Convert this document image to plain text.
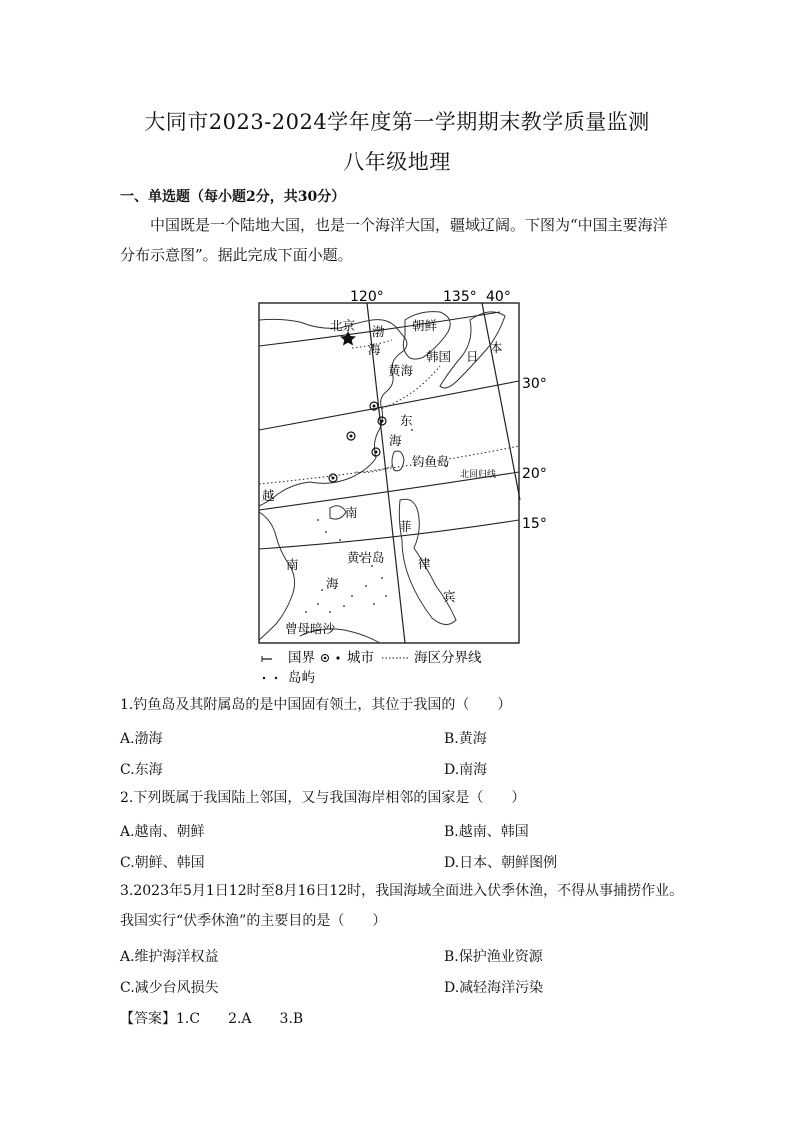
大同市2023-2024学年度第一学期期末教学质量监测
八年级地理
一、单选题（每小题2分，共30分）
中国既是一个陆地大国，也是一个海洋大国，疆域辽阔。下图为“中国主要海洋分布示意图”。据此完成下面小题。
120°	135° 40°
30°
20°
15°
北京 渤
海
朝鲜
韩国 日
本
黄海
东
海
钓鱼岛
北回归线
越
南
菲
黄岩岛	律
南
海
宾
曾母暗沙
国界 城市	海区分界线
岛屿
1.钓鱼岛及其附属岛的是中国固有领土，其位于我国的（　　）
A.渤海	B.黄海
C.东海	D.南海
2.下列既属于我国陆上邻国，又与我国海岸相邻的国家是（　　）
A.越南、朝鲜	B.越南、韩国
C.朝鲜、韩国	D.日本、朝鲜图例
3.2023年5月1日12时至8月16日12时，我国海域全面进入伏季休渔，不得从事捕捞作业。我国实行“伏季休渔”的主要目的是（　　）
A.维护海洋权益	B.保护渔业资源
C.减少台风损失	D.减轻海洋污染
【答案】1.C　　2.A　　3.B
